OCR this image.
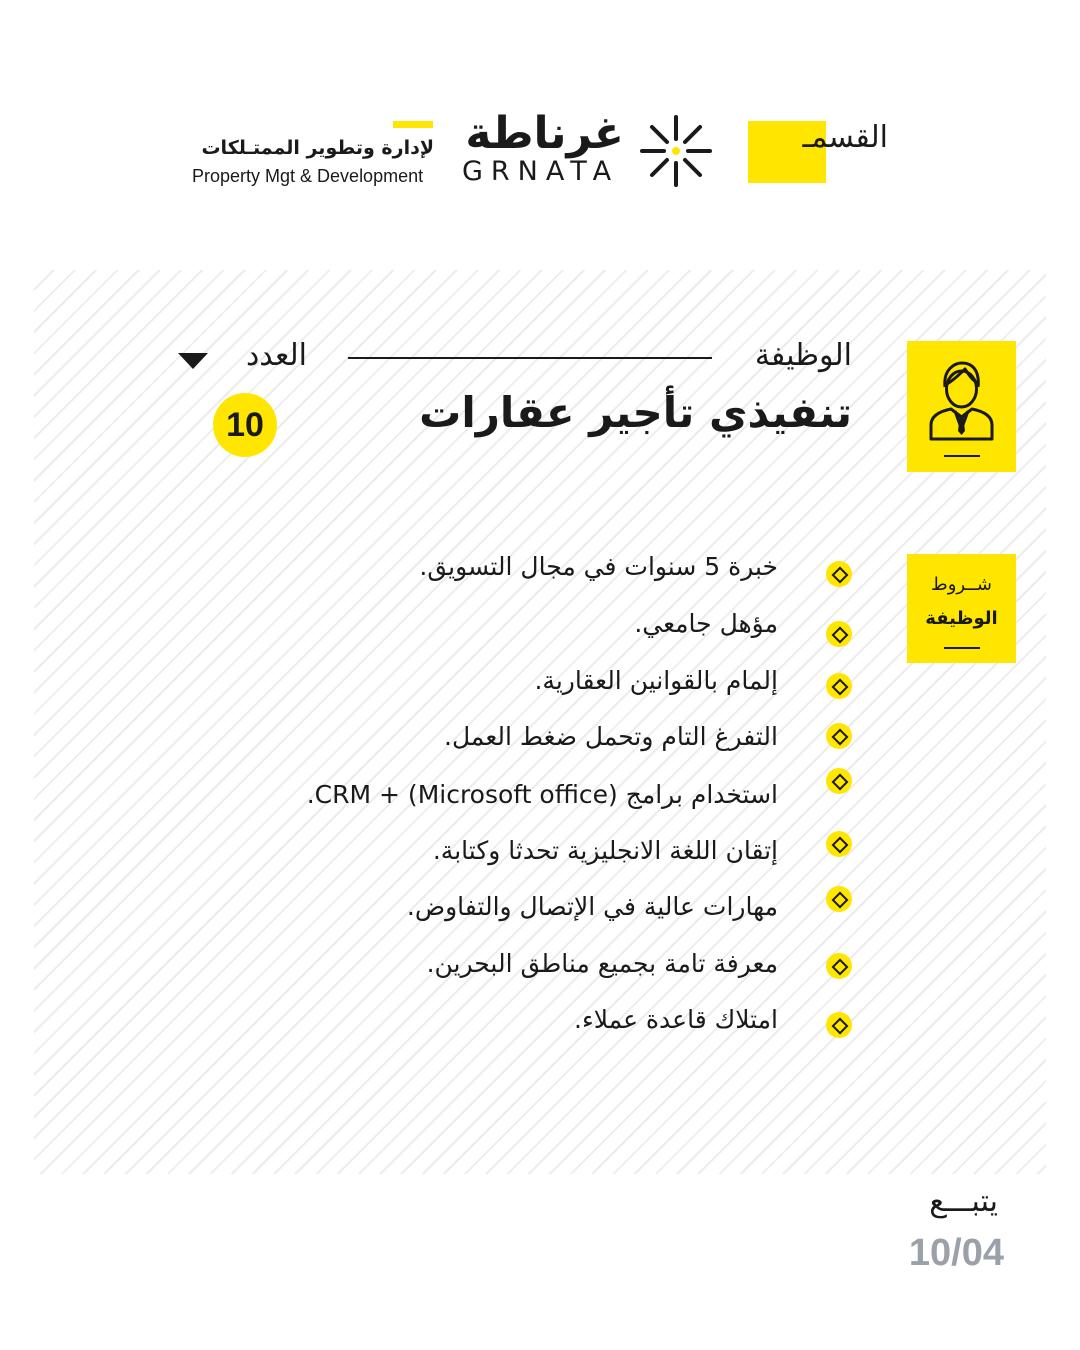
القسمـ
غرناطة
GRNATA
لإدارة وتطوير الممتـلكات
Property Mgt & Development
الوظيفة
تنفيذي تأجير عقارات
العدد
10
شــروط
الوظيفة
خبرة 5 سنوات في مجال التسويق.
مؤهل جامعي.
إلمام بالقوانين العقارية.
التفرغ التام وتحمل ضغط العمل.
استخدام برامج (Microsoft office) + CRM.
إتقان اللغة الانجليزية تحدثا وكتابة.
مهارات عالية في الإتصال والتفاوض.
معرفة تامة بجميع مناطق البحرين.
امتلاك قاعدة عملاء.
يتبـــع
10/04
